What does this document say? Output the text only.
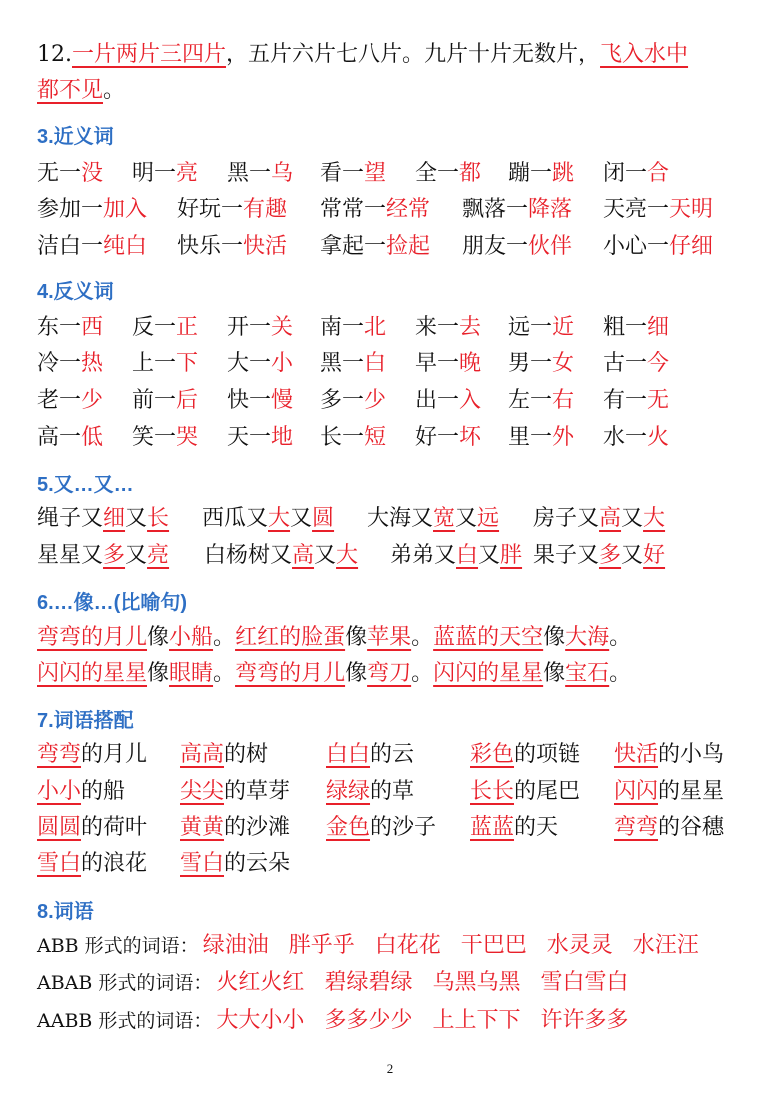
12.一片两片三四片，五片六片七八片。九片十片无数片，飞入水中
都不见。
3.近义词
4.反义词
5.又…又…
6.…像…(比喻句)
7.词语搭配
8.词语
无一没 明一亮 黑一乌 看一望 全一都 蹦一跳 闭一合
参加一加入 好玩一有趣 常常一经常 飘落一降落 天亮一天明
洁白一纯白 快乐一快活 拿起一捡起 朋友一伙伴 小心一仔细
东一西 反一正 开一关 南一北 来一去 远一近 粗一细
冷一热 上一下 大一小 黑一白 早一晚 男一女 古一今
老一少 前一后 快一慢 多一少 出一入 左一右 有一无
高一低 笑一哭 天一地 长一短 好一坏 里一外 水一火
绳子又细又长 西瓜又大又圆 大海又宽又远 房子又高又大
星星又多又亮 白杨树又高又大 弟弟又白又胖 果子又多又好
弯弯的月儿像小船。红红的脸蛋像苹果。蓝蓝的天空像大海。
闪闪的星星像眼睛。弯弯的月儿像弯刀。闪闪的星星像宝石。
弯弯的月儿 高高的树	白白的云	彩色的项链 快活的小鸟
小小的船 尖尖的草芽 绿绿的草	长长的尾巴 闪闪的星星
圆圆的荷叶 黄黄的沙滩 金色的沙子 蓝蓝的天	弯弯的谷穗
雪白的浪花 雪白的云朵
ABB 形式的词语： 绿油油 胖乎乎 白花花 干巴巴 水灵灵 水汪汪
ABAB 形式的词语： 火红火红 碧绿碧绿 乌黑乌黑 雪白雪白
AABB 形式的词语： 大大小小 多多少少 上上下下 许许多多
2
